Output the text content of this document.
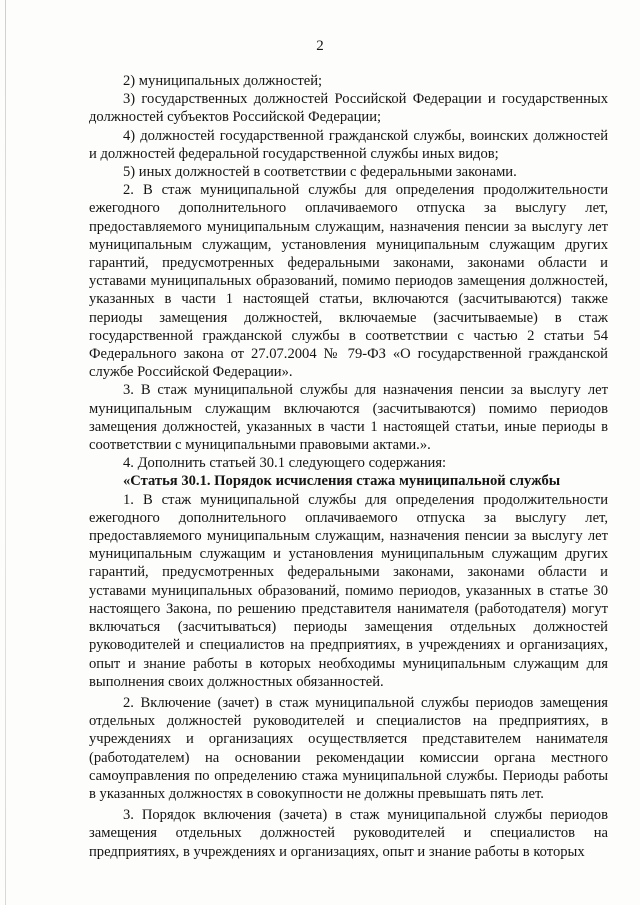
2

2) муниципальных должностей;

3) государственных должностей Российской Федерации и государственных должностей субъектов Российской Федерации;

4) должностей государственной гражданской службы, воинских должностей и должностей федеральной государственной службы иных видов;

5) иных должностей в соответствии с федеральными законами.

2. В стаж муниципальной службы для определения продолжительности ежегодного дополнительного оплачиваемого отпуска за выслугу лет, предоставляемого муниципальным служащим, назначения пенсии за выслугу лет муниципальным служащим, установления муниципальным служащим других гарантий, предусмотренных федеральными законами, законами области и уставами муниципальных образований, помимо периодов замещения должностей, указанных в части 1 настоящей статьи, включаются (засчитываются) также периоды замещения должностей, включаемые (засчитываемые) в стаж государственной гражданской службы в соответствии с частью 2 статьи 54 Федерального закона от 27.07.2004 № 79-ФЗ «О государственной гражданской службе Российской Федерации».

3. В стаж муниципальной службы для назначения пенсии за выслугу лет муниципальным служащим включаются (засчитываются) помимо периодов замещения должностей, указанных в части 1 настоящей статьи, иные периоды в соответствии с муниципальными правовыми актами.».

4. Дополнить статьей 30.1 следующего содержания:

«Статья 30.1. Порядок исчисления стажа муниципальной службы

1. В стаж муниципальной службы для определения продолжительности ежегодного дополнительного оплачиваемого отпуска за выслугу лет, предоставляемого муниципальным служащим, назначения пенсии за выслугу лет муниципальным служащим и установления муниципальным служащим других гарантий, предусмотренных федеральными законами, законами области и уставами муниципальных образований, помимо периодов, указанных в статье 30 настоящего Закона, по решению представителя нанимателя (работодателя) могут включаться (засчитываться) периоды замещения отдельных должностей руководителей и специалистов на предприятиях, в учреждениях и организациях, опыт и знание работы в которых необходимы муниципальным служащим для выполнения своих должностных обязанностей.

2. Включение (зачет) в стаж муниципальной службы периодов замещения отдельных должностей руководителей и специалистов на предприятиях, в учреждениях и организациях осуществляется представителем нанимателя (работодателем) на основании рекомендации комиссии органа местного самоуправления по определению стажа муниципальной службы. Периоды работы в указанных должностях в совокупности не должны превышать пять лет.

3. Порядок включения (зачета) в стаж муниципальной службы периодов замещения отдельных должностей руководителей и специалистов на предприятиях, в учреждениях и организациях, опыт и знание работы в которых
